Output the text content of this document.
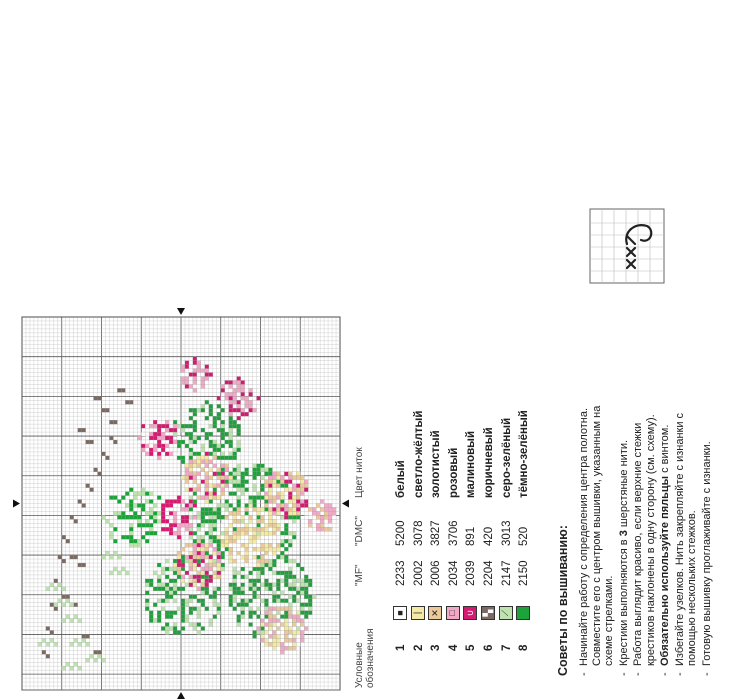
Условные обозначения
"МF"
"DMC"
Цвет ниток
1
■
2233
5200
белый
2
|
2002
3078
светло-жёлтый
3
✕
2006
3827
золотистый
4
□
2034
3706
розовый
5
∪
2039
891
малиновый
6
▚
2204
420
коричневый
7
⟋
2147
3013
серо-зелёный
8
2150
520
тёмно-зелёный
Советы по вышиванию: - Начинайте работу с определения центра полотна. Совместите его с центром вышивки, указанным на схеме стрелками. - Крестики выполняются в 3 шерстяные нити. - Работа выглядит красиво, если верхние стежки крестиков наклонены в одну сторону (см. схему). - Обязательно используйте пяльцы с винтом. - Избегайте узелков. Нить закрепляйте с изнанки с помощью нескольких стежков. - Готовую вышивку проглаживайте с изнанки.
